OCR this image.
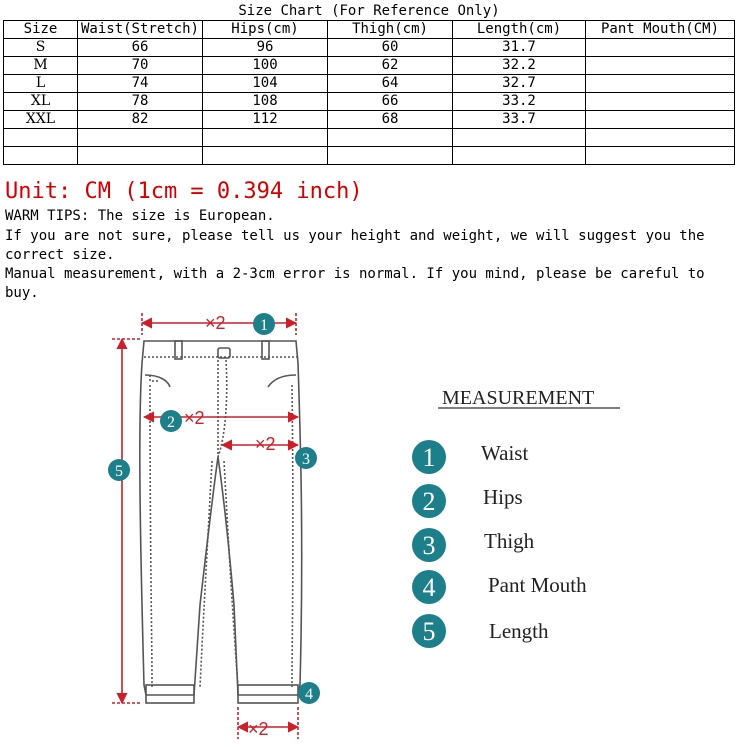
Size Chart (For Reference Only)					
Size	Waist(Stretch)	Hips(cm)	Thigh(cm)	Length(cm)	Pant Mouth(CM)
S	66	96	60	31.7	
M	70	100	62	32.2	
L	74	104	64	32.7	
XL	78	108	66	33.2	
XXL	82	112	68	33.7	

Unit: CM (1cm = 0.394 inch)

WARM TIPS: The size is European.

If you are not sure, please tell us your height and weight, we will suggest you the correct size.

Manual measurement, with a 2-3cm error is normal. If you mind, please be careful to buy.

×2
×2
×2
×2
1
2
3
4
5
MEASUREMENT
1 Waist
2 Hips
3 Thigh
4	Pant Mouth
5	Length
